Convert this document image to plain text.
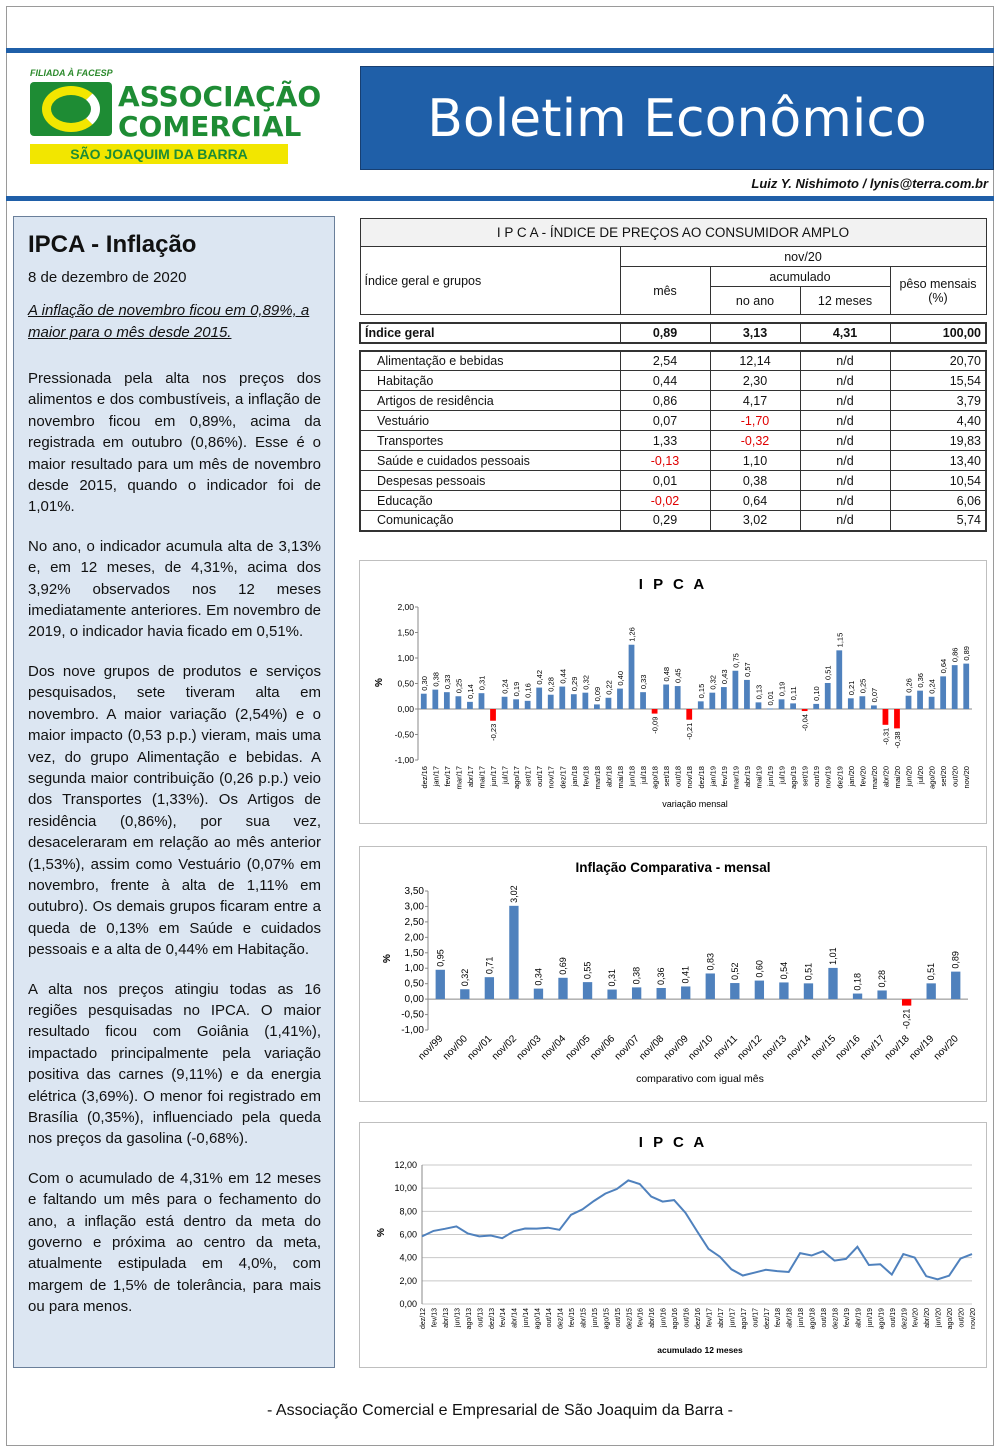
FILIADA À FACESP
ASSOCIAÇÃO
COMERCIAL
SÃO JOAQUIM DA BARRA
Boletim Econômico
Luiz Y. Nishimoto / lynis@terra.com.br
IPCA - Inflação
8 de dezembro de 2020
A inflação de novembro ficou em 0,89%, a maior para o mês desde 2015.

Pressionada pela alta nos preços dos alimentos e dos combustíveis, a inflação de novembro ficou em 0,89%, acima da registrada em outubro (0,86%). Esse é o maior resultado para um mês de novembro desde 2015, quando o indicador foi de 1,01%.

No ano, o indicador acumula alta de 3,13% e, em 12 meses, de 4,31%, acima dos 3,92% observados nos 12 meses imediatamente anteriores. Em novembro de 2019, o indicador havia ficado em 0,51%.

Dos nove grupos de produtos e serviços pesquisados, sete tiveram alta em novembro. A maior variação (2,54%) e o maior impacto (0,53 p.p.) vieram, mais uma vez, do grupo Alimentação e bebidas. A segunda maior contribuição (0,26 p.p.) veio dos Transportes (1,33%). Os Artigos de residência (0,86%), por sua vez, desaceleraram em relação ao mês anterior (1,53%), assim como Vestuário (0,07% em novembro, frente à alta de 1,11% em outubro). Os demais grupos ficaram entre a queda de 0,13% em Saúde e cuidados pessoais e a alta de 0,44% em Habitação.

A alta nos preços atingiu todas as 16 regiões pesquisadas no IPCA. O maior resultado ficou com Goiânia (1,41%), impactado principalmente pela variação positiva das carnes (9,11%) e da energia elétrica (3,69%). O menor foi registrado em Brasília (0,35%), influenciado pela queda nos preços da gasolina (-0,68%).

Com o acumulado de 4,31% em 12 meses e faltando um mês para o fechamento do ano, a inflação está dentro da meta do governo e próxima ao centro da meta, atualmente estipulada em 4,0%, com margem de 1,5% de tolerância, para mais ou para menos.

I P C A - ÍNDICE DE PREÇOS AO CONSUMIDOR AMPLO				
Índice geral e grupos	nov/20			
	mês	acumulado		pêso mensais (%)
		no ano	12 meses	

Índice geral	0,89	3,13	4,31	100,00

Alimentação e bebidas	2,54	12,14	n/d	20,70
Habitação	0,44	2,30	n/d	15,54
Artigos de residência	0,86	4,17	n/d	3,79
Vestuário	0,07	-1,70	n/d	4,40
Transportes	1,33	-0,32	n/d	19,83
Saúde e cuidados pessoais	-0,13	1,10	n/d	13,40
Despesas pessoais	0,01	0,38	n/d	10,54
Educação	-0,02	0,64	n/d	6,06
Comunicação	0,29	3,02	n/d	5,74
I P C A
2,00
1,50
1,00
0,50
0,00
-0,50
-1,00
%	0,30
dez/16
0,38
jan/17
0,33
fev/17
0,25
mar/17
0,14
abr/17
0,31
mai/17
-0,23
jun/17
0,24
jul/17
0,19
ago/17
0,16
set/17
0,42
out/17
0,28
nov/17
0,44
dez/17
0,29
jan/18
0,32
fev/18
0,09
mar/18
0,22
abr/18
0,40
mai/18
1,26
jun/18
0,33
jul/18
-0,09
ago/18
0,48
set/18
0,45
out/18
-0,21
nov/18
0,15
dez/18
0,32
jan/19
0,43
fev/19
0,75
mar/19
0,57
abr/19
0,13
mai/19
0,01
jun/19
0,19
jul/19
0,11
ago/19
-0,04
set/19
0,10
out/19
0,51
nov/19
1,15
dez/19
0,21
jan/20
0,25
fev/20
0,07
mar/20
-0,31
abr/20
-0,38
mai/20
0,26
jun/20
0,36
jul/20
0,24
ago/20
0,64
set/20
0,86
out/20
0,89
nov/20
variação mensal
Inflação Comparativa - mensal
3,50
3,00
2,50
2,00
1,50
1,00
0,50
0,00
-0,50
-1,00
%	0,95
nov/99
0,32
nov/00
0,71
nov/01
3,02
nov/02
0,34
nov/03
0,69
nov/04
0,55
nov/05
0,31
nov/06
0,38
nov/07
0,36
nov/08
0,41
nov/09
0,83
nov/10
0,52
nov/11
0,60
nov/12
0,54
nov/13
0,51
nov/14
1,01
nov/15
0,18
nov/16
0,28
nov/17
-0,21
nov/18
0,51
nov/19
0,89
nov/20
comparativo com igual mês
I P C A
12,00
10,00
8,00
6,00
4,00
2,00
0,00
%
dez/12 fev/13 abr/13 jun/13 ago/13 out/13 dez/13 fev/14 abr/14 jun/14 ago/14 out/14 dez/14 fev/15 abr/15 jun/15 ago/15 out/15 dez/15 fev/16 abr/16 jun/16 ago/16 out/16 dez/16 fev/17 abr/17 jun/17 ago/17 out/17 dez/17 fev/18 abr/18 jun/18 ago/18 out/18 dez/18 fev/19 abr/19 jun/19 ago/19 out/19 dez/19 fev/20 abr/20 jun/20 ago/20 out/20 nov/20
acumulado 12 meses
- Associação Comercial e Empresarial de São Joaquim da Barra -
